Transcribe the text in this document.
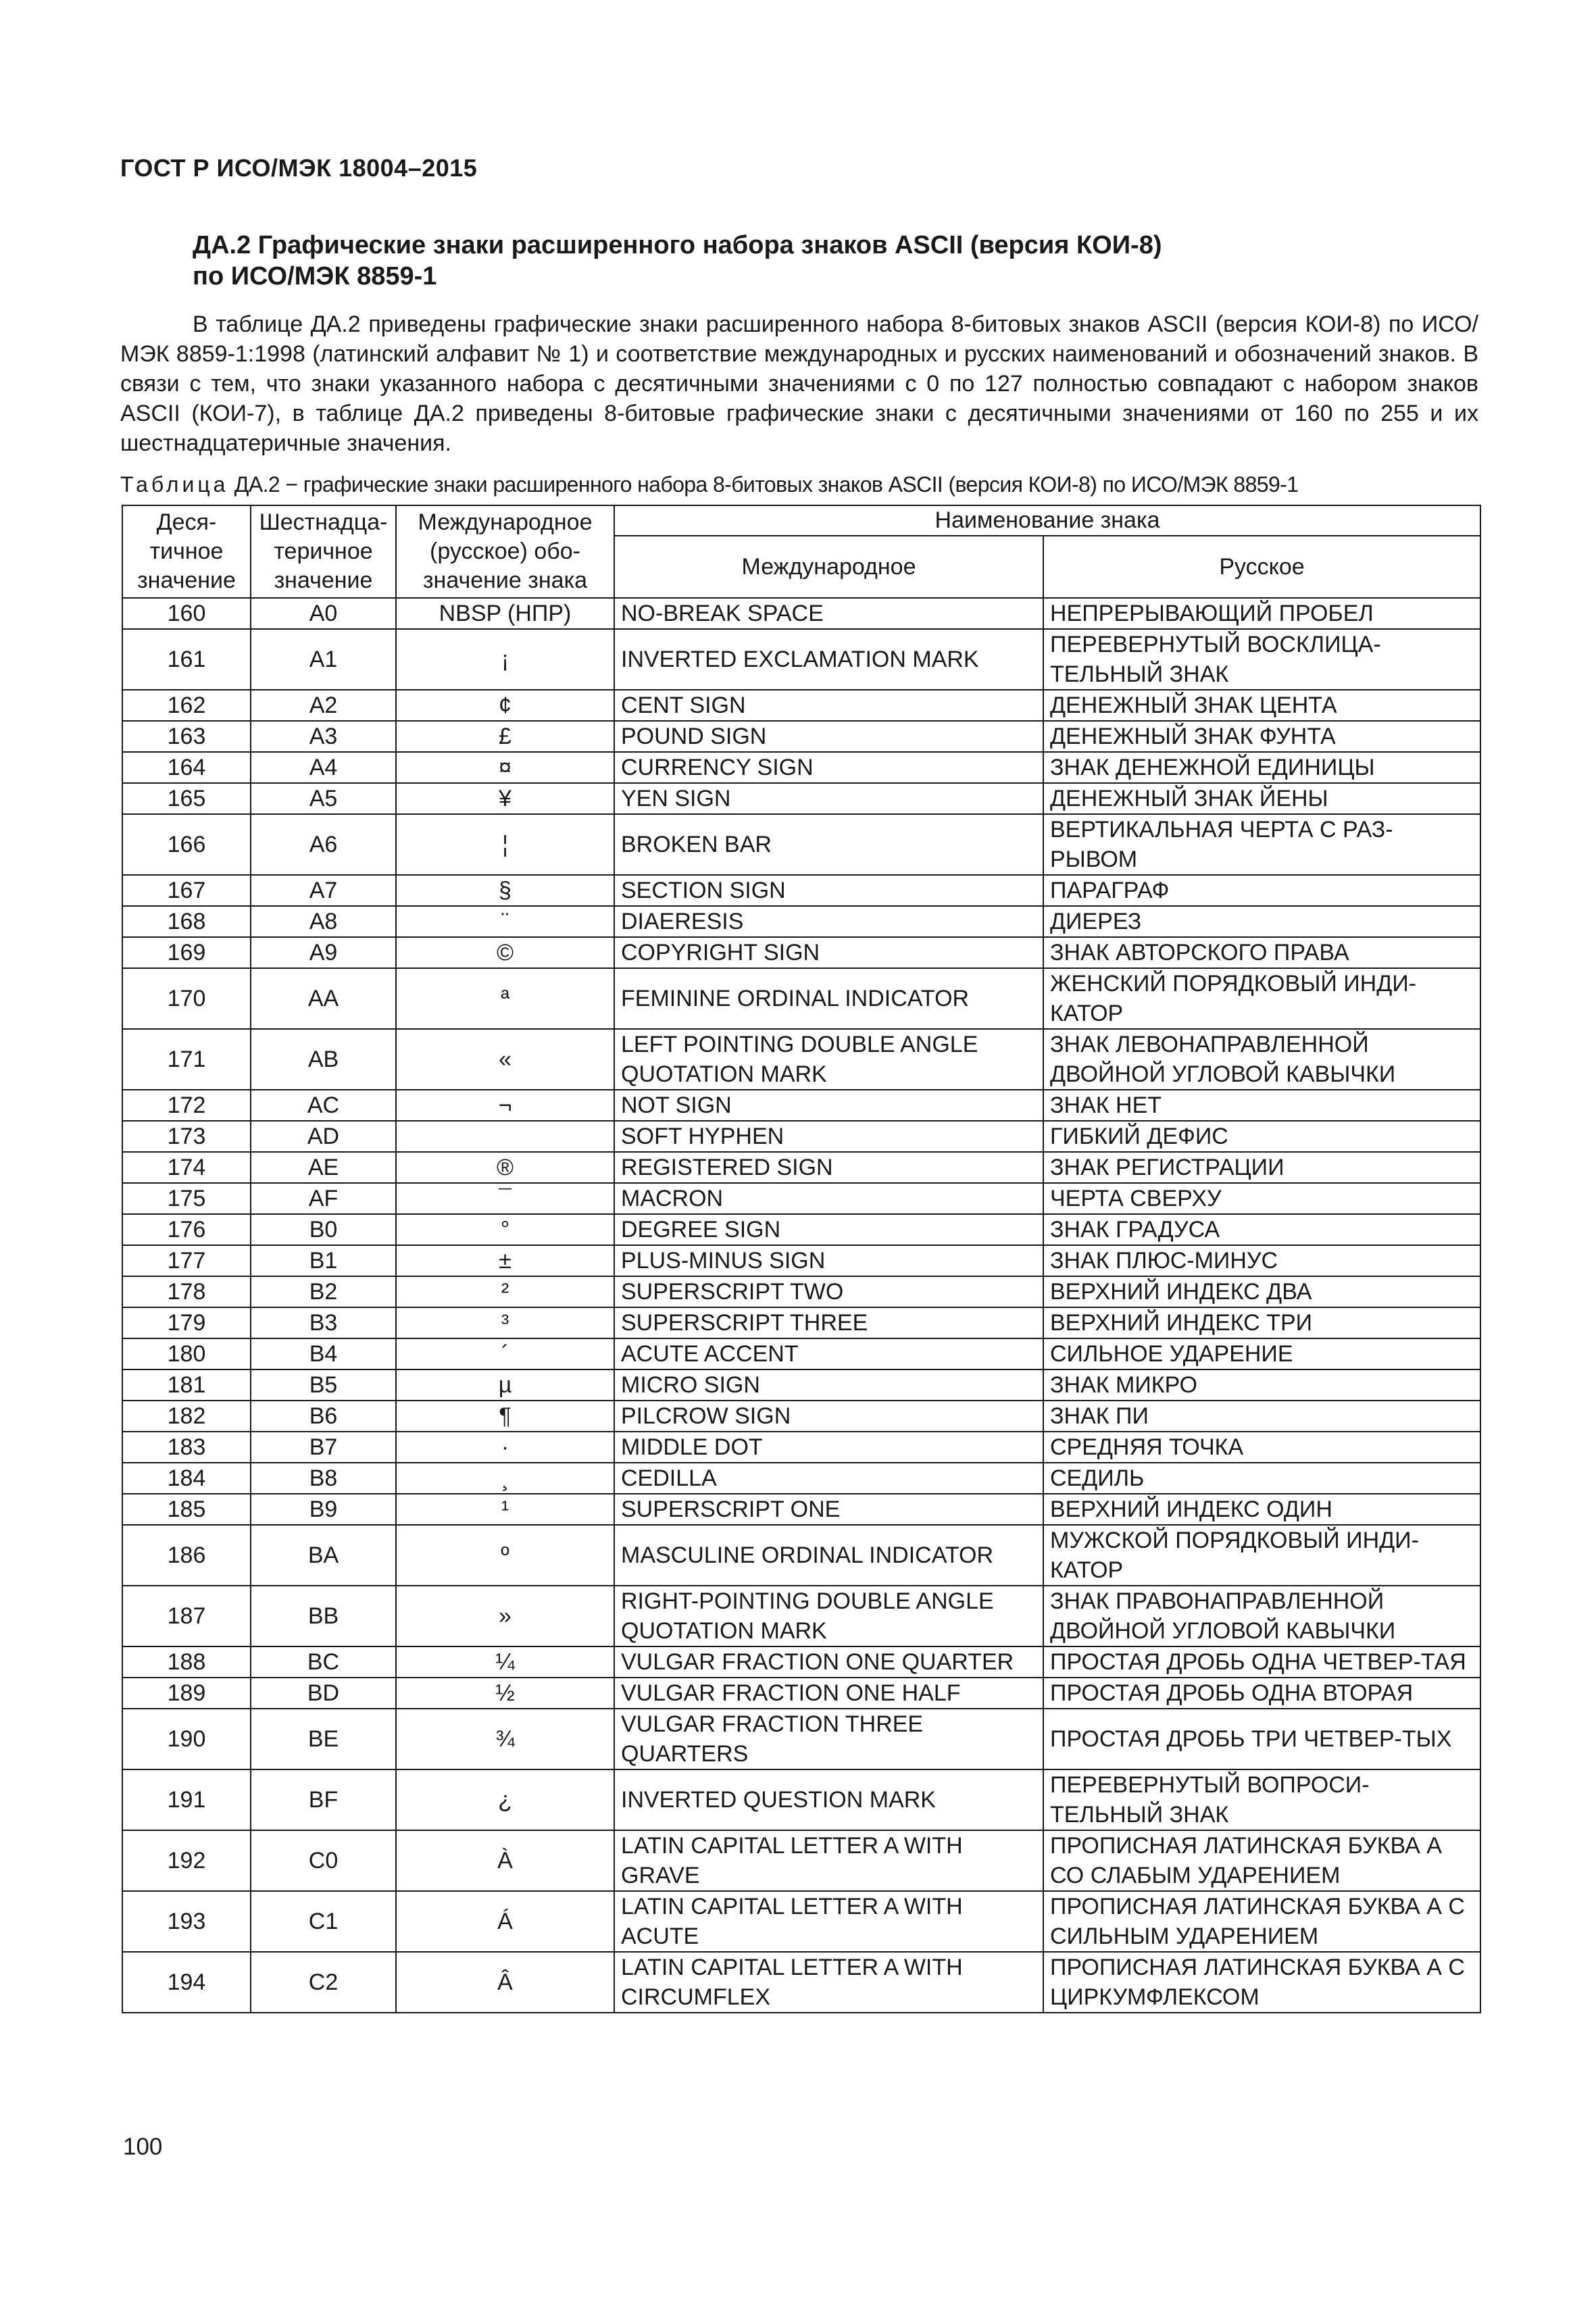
ГОСТ Р ИСО/МЭК 18004–2015
ДА.2 Графические знаки расширенного набора знаков ASCII (версия КОИ-8)
по ИСО/МЭК 8859-1

В таблице ДА.2 приведены графические знаки расширенного набора 8-битовых знаков ASCII (версия КОИ-8) по ИСО/МЭК 8859-1:1998 (латинский алфавит № 1) и соответствие международных и русских наименований и обозначений знаков. В связи с тем, что знаки указанного набора с десятичными значениями с 0 по 127 полностью совпадают с набором знаков ASCII (КОИ-7), в таблице ДА.2 приведены 8-битовые графические знаки с десятичными значениями от 160 по 255 и их шестнадцатеричные значения.

Таблица ДА.2 − графические знаки расширенного набора 8-битовых знаков ASCII (версия КОИ-8) по ИСО/МЭК 8859-1
Деся-тичное значение	Шестнадца-теричное значение	Международное (русское) обо-значение знака	Наименование знака	
			Международное	Русское
160	A0	NBSP (НПР)	NO-BREAK SPACE	НЕПРЕРЫВАЮЩИЙ ПРОБЕЛ
161	A1	¡	INVERTED EXCLAMATION MARK	ПЕРЕВЕРНУТЫЙ ВОСКЛИЦА-ТЕЛЬНЫЙ ЗНАК
162	A2	¢	CENT SIGN	ДЕНЕЖНЫЙ ЗНАК ЦЕНТА
163	A3	£	POUND SIGN	ДЕНЕЖНЫЙ ЗНАК ФУНТА
164	A4	¤	CURRENCY SIGN	ЗНАК ДЕНЕЖНОЙ ЕДИНИЦЫ
165	A5	¥	YEN SIGN	ДЕНЕЖНЫЙ ЗНАК ЙЕНЫ
166	A6	¦	BROKEN BAR	ВЕРТИКАЛЬНАЯ ЧЕРТА С РАЗ-РЫВОМ
167	A7	§	SECTION SIGN	ПАРАГРАФ
168	A8	¨	DIAERESIS	ДИЕРЕЗ
169	A9	©	COPYRIGHT SIGN	ЗНАК АВТОРСКОГО ПРАВА
170	AA	ª	FEMININE ORDINAL INDICATOR	ЖЕНСКИЙ ПОРЯДКОВЫЙ ИНДИ-КАТОР
171	AB	«	LEFT POINTING DOUBLE ANGLE QUOTATION MARK	ЗНАК ЛЕВОНАПРАВЛЕННОЙ ДВОЙНОЙ УГЛОВОЙ КАВЫЧКИ
172	AC	¬	NOT SIGN	ЗНАК НЕТ
173	AD		SOFT HYPHEN	ГИБКИЙ ДЕФИС
174	AE	®	REGISTERED SIGN	ЗНАК РЕГИСТРАЦИИ
175	AF	¯	MACRON	ЧЕРТА СВЕРХУ
176	B0	°	DEGREE SIGN	ЗНАК ГРАДУСА
177	B1	±	PLUS-MINUS SIGN	ЗНАК ПЛЮС-МИНУС
178	B2	²	SUPERSCRIPT TWO	ВЕРХНИЙ ИНДЕКС ДВА
179	B3	³	SUPERSCRIPT THREE	ВЕРХНИЙ ИНДЕКС ТРИ
180	B4	´	ACUTE ACCENT	СИЛЬНОЕ УДАРЕНИЕ
181	B5	µ	MICRO SIGN	ЗНАК МИКРО
182	B6	¶	PILCROW SIGN	ЗНАК ПИ
183	B7	·	MIDDLE DOT	СРЕДНЯЯ ТОЧКА
184	B8	¸	CEDILLA	СЕДИЛЬ
185	B9	¹	SUPERSCRIPT ONE	ВЕРХНИЙ ИНДЕКС ОДИН
186	BA	º	MASCULINE ORDINAL INDICATOR	МУЖСКОЙ ПОРЯДКОВЫЙ ИНДИ-КАТОР
187	BB	»	RIGHT-POINTING DOUBLE ANGLE QUOTATION MARK	ЗНАК ПРАВОНАПРАВЛЕННОЙ ДВОЙНОЙ УГЛОВОЙ КАВЫЧКИ
188	BC	¼	VULGAR FRACTION ONE QUARTER	ПРОСТАЯ ДРОБЬ ОДНА ЧЕТВЕР-ТАЯ
189	BD	½	VULGAR FRACTION ONE HALF	ПРОСТАЯ ДРОБЬ ОДНА ВТОРАЯ
190	BE	¾	VULGAR FRACTION THREE QUARTERS	ПРОСТАЯ ДРОБЬ ТРИ ЧЕТВЕР-ТЫХ
191	BF	¿	INVERTED QUESTION MARK	ПЕРЕВЕРНУТЫЙ ВОПРОСИ-ТЕЛЬНЫЙ ЗНАК
192	C0	À	LATIN CAPITAL LETTER A WITH GRAVE	ПРОПИСНАЯ ЛАТИНСКАЯ БУКВА А СО СЛАБЫМ УДАРЕНИЕМ
193	C1	Á	LATIN CAPITAL LETTER A WITH ACUTE	ПРОПИСНАЯ ЛАТИНСКАЯ БУКВА А С СИЛЬНЫМ УДАРЕНИЕМ
194	C2	Â	LATIN CAPITAL LETTER A WITH CIRCUMFLEX	ПРОПИСНАЯ ЛАТИНСКАЯ БУКВА А С ЦИРКУМФЛЕКСОМ
100
